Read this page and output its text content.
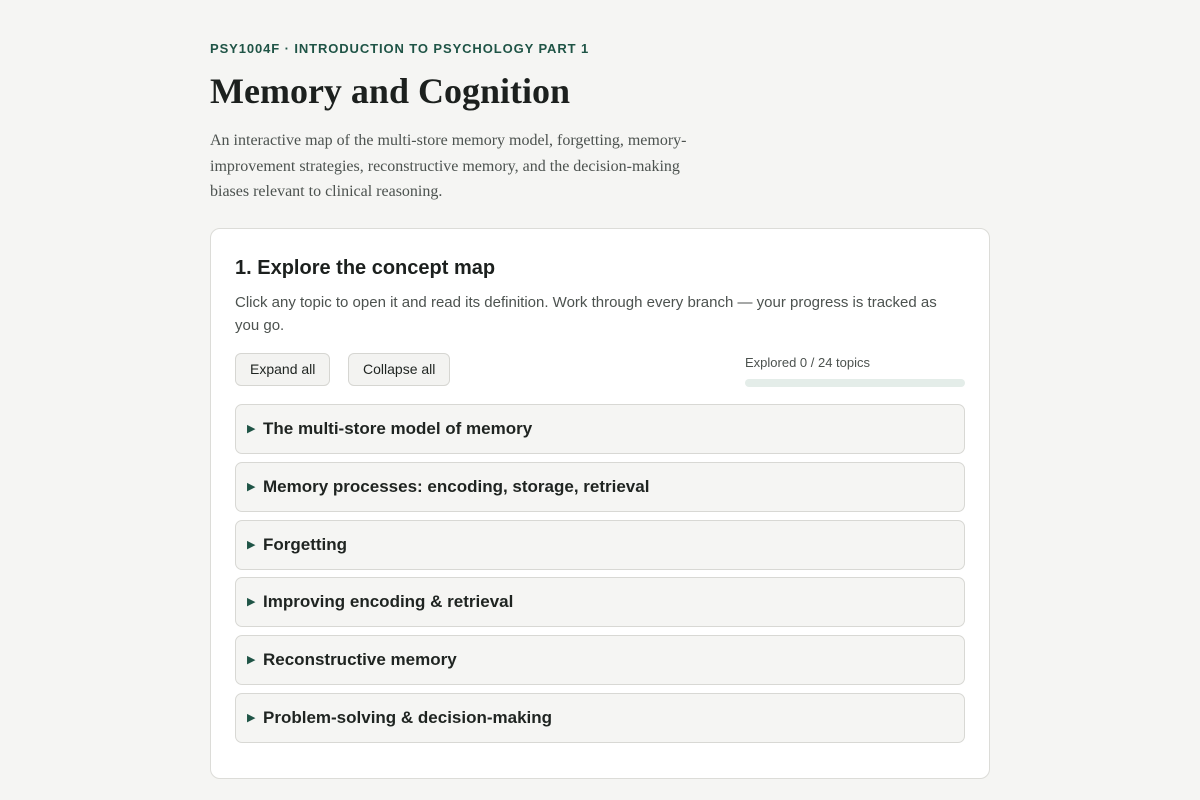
PSY1004F · INTRODUCTION TO PSYCHOLOGY PART 1
Memory and Cognition

An interactive map of the multi-store memory model, forgetting, memory-improvement strategies, reconstructive memory, and the decision-making biases relevant to clinical reasoning.

1. Explore the concept map

Click any topic to open it and read its definition. Work through every branch — your progress is tracked as you go.

Expand all	Collapse all	Explored 0 / 24 topics
▶ The multi-store model of memory
▶ Memory processes: encoding, storage, retrieval
▶ Forgetting
▶ Improving encoding & retrieval
▶ Reconstructive memory
▶ Problem-solving & decision-making
